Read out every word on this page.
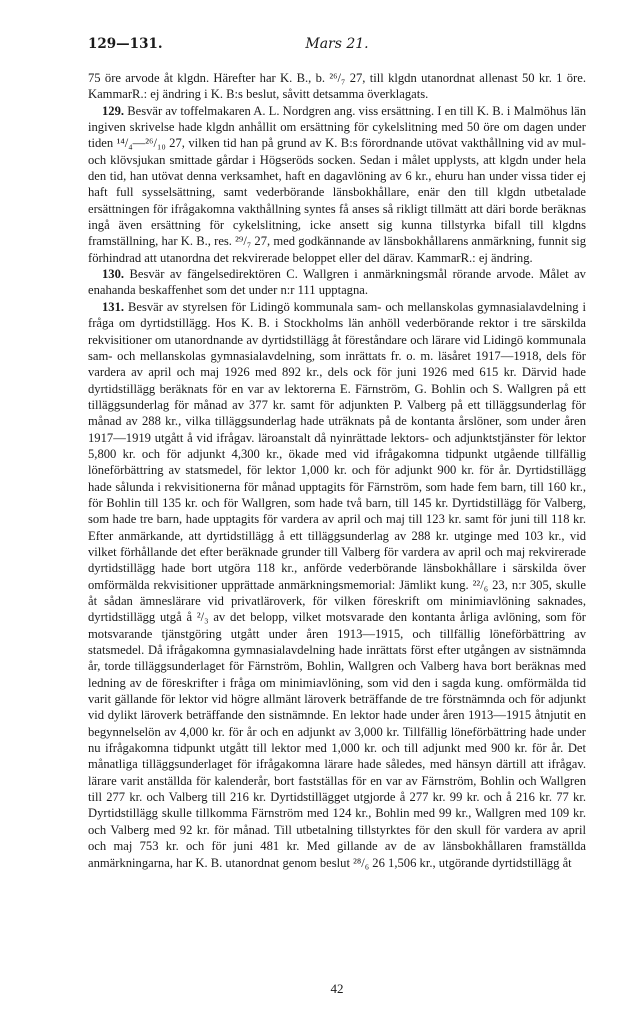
129—131.	Mars 21.

75 öre arvode åt klgdn. Härefter har K. B., b. ²⁶/₇ 27, till klgdn utanordnat allenast 50 kr. 1 öre. KammarR.: ej ändring i K. B:s beslut, såvitt detsamma överklagats.

129. Besvär av toffelmakaren A. L. Nordgren ang. viss ersättning. I en till K. B. i Malmöhus län ingiven skrivelse hade klgdn anhållit om ersättning för cykelslitning med 50 öre om dagen under tiden ¹⁴/₄—²⁶/₁₀ 27, vilken tid han på grund av K. B:s förordnande utövat vakthållning vid av mul- och klövsjukan smittade gårdar i Högseröds socken. Sedan i målet upplysts, att klgdn under hela den tid, han utövat denna verksamhet, haft en dagavlöning av 6 kr., ehuru han under vissa tider ej haft full sysselsättning, samt vederbörande länsbokhållare, enär den till klgdn utbetalade ersättningen för ifrågakomna vakthållning syntes få anses så rikligt tillmätt att däri borde beräknas ingå även ersättning för cykelslitning, icke ansett sig kunna tillstyrka bifall till klgdns framställning, har K. B., res. ²⁹/₇ 27, med godkännande av länsbokhållarens anmärkning, funnit sig förhindrad att utanordna det rekvirerade beloppet eller del därav. KammarR.: ej ändring.

130. Besvär av fängelsedirektören C. Wallgren i anmärkningsmål rörande arvode. Målet av enahanda beskaffenhet som det under n:r 111 upptagna.

131. Besvär av styrelsen för Lidingö kommunala sam- och mellanskolas gymnasialavdelning i fråga om dyrtidstillägg. Hos K. B. i Stockholms län anhöll vederbörande rektor i tre särskilda rekvisitioner om utanordnande av dyrtidstillägg åt föreståndare och lärare vid Lidingö kommunala sam- och mellanskolas gymnasialavdelning, som inrättats fr. o. m. läsåret 1917—1918, dels för vardera av april och maj 1926 med 892 kr., dels ock för juni 1926 med 615 kr. Därvid hade dyrtidstillägg beräknats för en var av lektorerna E. Färnström, G. Bohlin och S. Wallgren på ett tilläggsunderlag för månad av 377 kr. samt för adjunkten P. Valberg på ett tilläggsunderlag för månad av 288 kr., vilka tilläggsunderlag hade uträknats på de kontanta årslöner, som under åren 1917—1919 utgått å vid ifrågav. läroanstalt då nyinrättade lektors- och adjunktstjänster för lektor 5,800 kr. och för adjunkt 4,300 kr., ökade med vid ifrågakomna tidpunkt utgående tillfällig löneförbättring av statsmedel, för lektor 1,000 kr. och för adjunkt 900 kr. för år. Dyrtidstillägg hade sålunda i rekvisitionerna för månad upptagits för Färnström, som hade fem barn, till 160 kr., för Bohlin till 135 kr. och för Wallgren, som hade två barn, till 145 kr. Dyrtidstillägg för Valberg, som hade tre barn, hade upptagits för vardera av april och maj till 123 kr. samt för juni till 118 kr. Efter anmärkande, att dyrtidstillägg å ett tilläggsunderlag av 288 kr. utginge med 103 kr., vid vilket förhållande det efter beräknade grunder till Valberg för vardera av april och maj rekvirerade dyrtidstillägg hade bort utgöra 118 kr., anförde vederbörande länsbokhållare i särskilda över omförmälda rekvisitioner upprättade anmärkningsmemorial: Jämlikt kung. ²²/₆ 23, n:r 305, skulle åt sådan ämneslärare vid privatläroverk, för vilken föreskrift om minimiavlöning saknades, dyrtidstillägg utgå å ²/₃ av det belopp, vilket motsvarade den kontanta årliga avlöning, som för motsvarande tjänstgöring utgått under åren 1913—1915, och tillfällig löneförbättring av statsmedel. Då ifrågakomna gymnasialavdelning hade inrättats först efter utgången av sistnämnda år, torde tilläggsunderlaget för Färnström, Bohlin, Wallgren och Valberg hava bort beräknas med ledning av de föreskrifter i fråga om minimiavlöning, som vid den i sagda kung. omförmälda tid varit gällande för lektor vid högre allmänt läroverk beträffande de tre förstnämnda och för adjunkt vid dylikt läroverk beträffande den sistnämnde. En lektor hade under åren 1913—1915 åtnjutit en begynnelselön av 4,000 kr. för år och en adjunkt av 3,000 kr. Tillfällig löneförbättring hade under nu ifrågakomna tidpunkt utgått till lektor med 1,000 kr. och till adjunkt med 900 kr. för år. Det månatliga tilläggsunderlaget för ifrågakomna lärare hade således, med hänsyn därtill att ifrågav. lärare varit anställda för kalenderår, bort fastställas för en var av Färnström, Bohlin och Wallgren till 277 kr. och Valberg till 216 kr. Dyrtidstillägget utgjorde å 277 kr. 99 kr. och å 216 kr. 77 kr. Dyrtidstillägg skulle tillkomma Färnström med 124 kr., Bohlin med 99 kr., Wallgren med 109 kr. och Valberg med 92 kr. för månad. Till utbetalning tillstyrktes för den skull för vardera av april och maj 753 kr. och för juni 481 kr. Med gillande av de av länsbokhållaren framställda anmärkningarna, har K. B. utanordnat genom beslut ²⁸/₆ 26 1,506 kr., utgörande dyrtidstillägg åt

42
